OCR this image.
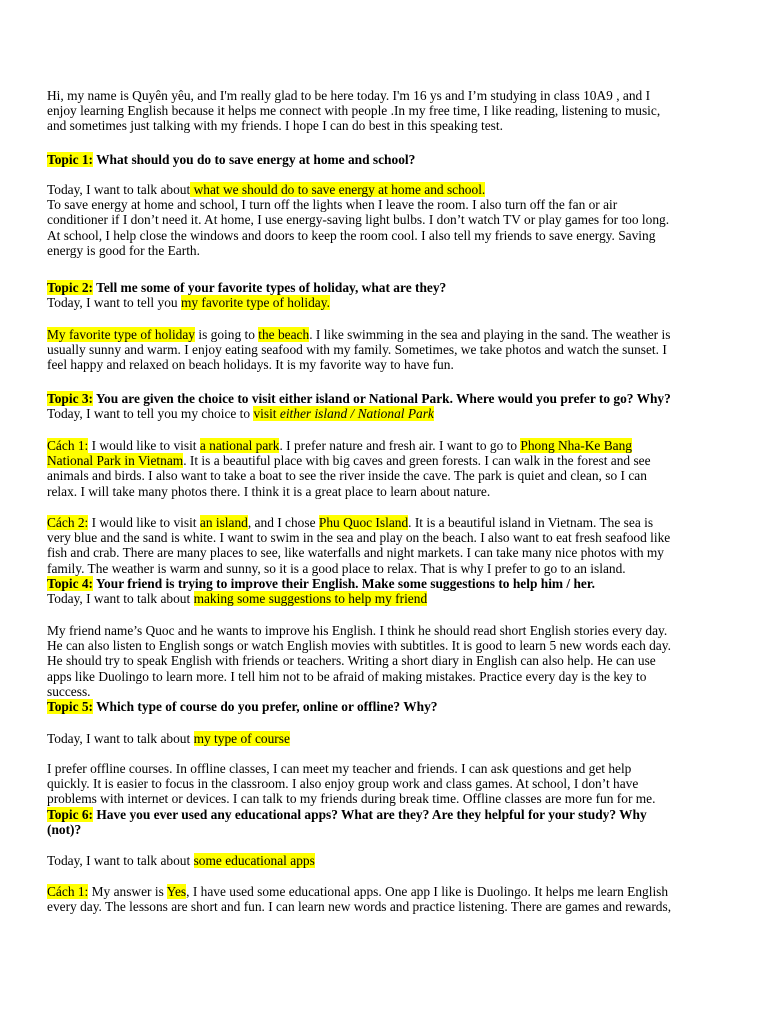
Hi, my name is Quyên yêu, and I'm really glad to be here today. I'm 16 ys and I’m studying in class 10A9 , and I
enjoy learning English because it helps me connect with people .In my free time, I like reading, listening to music,
and sometimes just talking with my friends. I hope I can do best in this speaking test.
Topic 1: What should you do to save energy at home and school?
Today, I want to talk about what we should do to save energy at home and school.
To save energy at home and school, I turn off the lights when I leave the room. I also turn off the fan or air
conditioner if I don’t need it. At home, I use energy-saving light bulbs. I don’t watch TV or play games for too long.
At school, I help close the windows and doors to keep the room cool. I also tell my friends to save energy. Saving
energy is good for the Earth.
Topic 2: Tell me some of your favorite types of holiday, what are they?
Today, I want to tell you my favorite type of holiday.
My favorite type of holiday is going to the beach. I like swimming in the sea and playing in the sand. The weather is
usually sunny and warm. I enjoy eating seafood with my family. Sometimes, we take photos and watch the sunset. I
feel happy and relaxed on beach holidays. It is my favorite way to have fun.
Topic 3: You are given the choice to visit either island or National Park. Where would you prefer to go? Why?
Today, I want to tell you my choice to visit either island / National Park
Cách 1: I would like to visit a national park. I prefer nature and fresh air. I want to go to Phong Nha-Ke Bang
National Park in Vietnam. It is a beautiful place with big caves and green forests. I can walk in the forest and see
animals and birds. I also want to take a boat to see the river inside the cave. The park is quiet and clean, so I can
relax. I will take many photos there. I think it is a great place to learn about nature.
Cách 2: I would like to visit an island, and I chose Phu Quoc Island. It is a beautiful island in Vietnam. The sea is
very blue and the sand is white. I want to swim in the sea and play on the beach. I also want to eat fresh seafood like
fish and crab. There are many places to see, like waterfalls and night markets. I can take many nice photos with my
family. The weather is warm and sunny, so it is a good place to relax. That is why I prefer to go to an island.
Topic 4: Your friend is trying to improve their English. Make some suggestions to help him / her.
Today, I want to talk about making some suggestions to help my friend
My friend name’s Quoc and he wants to improve his English. I think he should read short English stories every day.
He can also listen to English songs or watch English movies with subtitles. It is good to learn 5 new words each day.
He should try to speak English with friends or teachers. Writing a short diary in English can also help. He can use
apps like Duolingo to learn more. I tell him not to be afraid of making mistakes. Practice every day is the key to
success.
Topic 5: Which type of course do you prefer, online or offline? Why?
Today, I want to talk about my type of course
I prefer offline courses. In offline classes, I can meet my teacher and friends. I can ask questions and get help
quickly. It is easier to focus in the classroom. I also enjoy group work and class games. At school, I don’t have
problems with internet or devices. I can talk to my friends during break time. Offline classes are more fun for me.
Topic 6: Have you ever used any educational apps? What are they? Are they helpful for your study? Why
(not)?
Today, I want to talk about some educational apps
Cách 1: My answer is Yes, I have used some educational apps. One app I like is Duolingo. It helps me learn English
every day. The lessons are short and fun. I can learn new words and practice listening. There are games and rewards,
